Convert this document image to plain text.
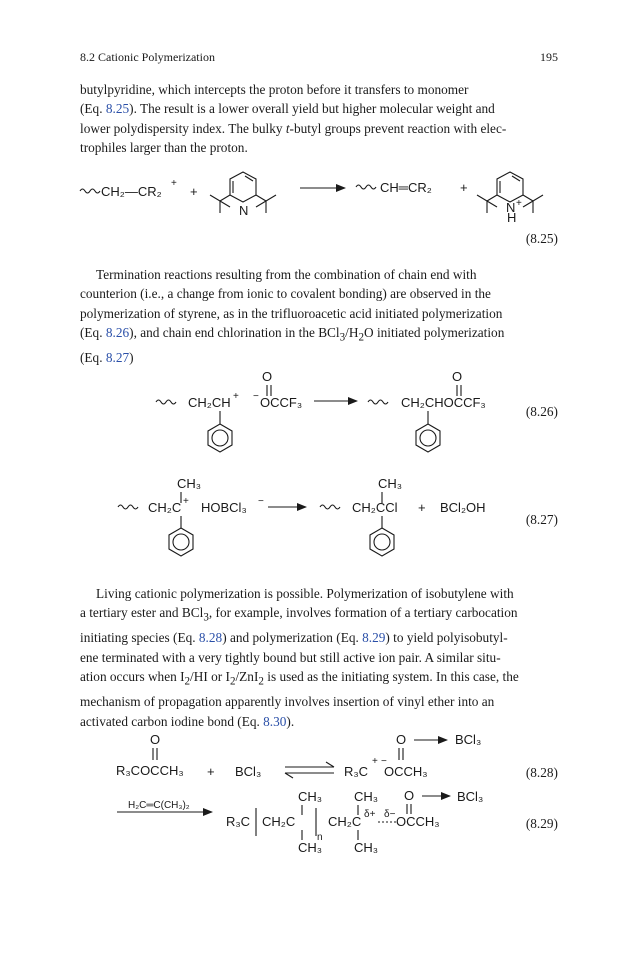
8.2 Cationic Polymerization	195
butylpyridine, which intercepts the proton before it transfers to monomer
(Eq. 8.25). The result is a lower overall yield but higher molecular weight and
lower polydispersity index. The bulky t-butyl groups prevent reaction with elec-
trophiles larger than the proton.
Termination reactions resulting from the combination of chain end with
counterion (i.e., a change from ionic to covalent bonding) are observed in the
polymerization of styrene, as in the trifluoroacetic acid initiated polymerization
(Eq. 8.26), and chain end chlorination in the $BCl_3/H_2O$ initiated polymerization
(Eq. 8.27)
Living cationic polymerization is possible. Polymerization of isobutylene with
a tertiary ester and BCl$_3$, for example, involves formation of a tertiary carbocation
initiating species (Eq. 8.28) and polymerization (Eq. 8.29) to yield polyisobutyl-
ene terminated with a very tightly bound but still active ion pair. A similar situ-
ation occurs when $I_2/HI$ or $I_2/ZnI_2$ is used as the initiating system. In this case, the
mechanism of propagation apparently involves insertion of vinyl ether into an
activated carbon iodine bond (Eq. 8.30).
(8.25)
(8.26)
(8.27)
(8.28)
(8.29)
CH₂—CR₂
+
+
N
CH═CR₂ +
N +
H
CH₂CH + −
O
OCCF₃	CH₂CHOCCF₃
O
CH₃
CH₂C + HOBCl₃ −
CH₃
CH₂CCl + BCl₂OH
O
R₃COCCH₃ + BCl₃	R₃C
+ −
O
OCCH₃
BCl₃
H₂C═C(CH₃)₂
R₃C CH₂C
CH₃
CH₃
n
CH₂C
CH₃
CH₃
δ+ δ−
O
OCCH₃
BCl₃
